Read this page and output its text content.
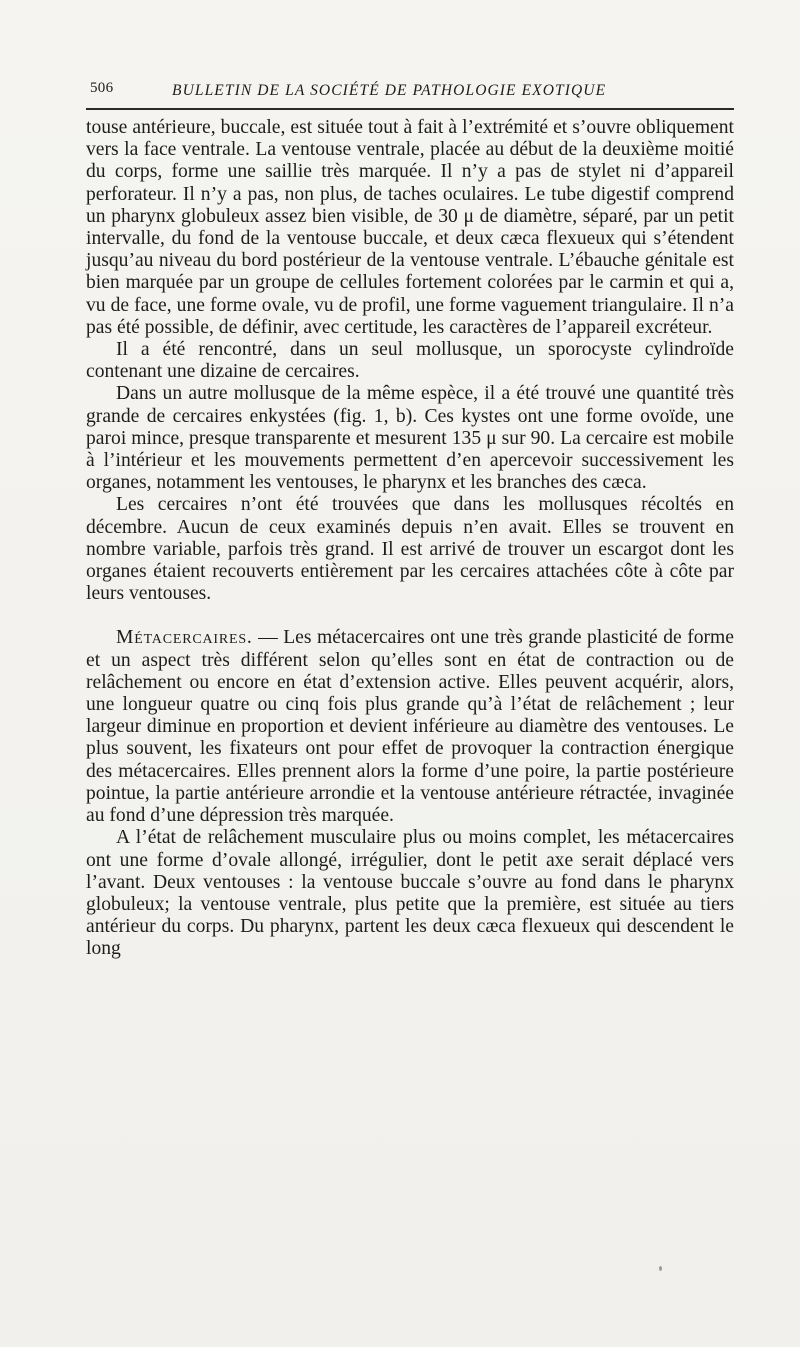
506	BULLETIN DE LA SOCIÉTÉ DE PATHOLOGIE EXOTIQUE

touse antérieure, buccale, est située tout à fait à l’extrémité et s’ouvre obliquement vers la face ventrale. La ventouse ventrale, placée au début de la deuxième moitié du corps, forme une saillie très marquée. Il n’y a pas de stylet ni d’appareil perforateur. Il n’y a pas, non plus, de taches oculaires. Le tube digestif comprend un pharynx globuleux assez bien visible, de 30 μ de diamètre, séparé, par un petit intervalle, du fond de la ventouse buccale, et deux cæca flexueux qui s’étendent jusqu’au niveau du bord postérieur de la ventouse ventrale. L’ébauche génitale est bien marquée par un groupe de cellules fortement colorées par le carmin et qui a, vu de face, une forme ovale, vu de profil, une forme vaguement triangulaire. Il n’a pas été possible, de définir, avec certitude, les caractères de l’appareil excréteur.

Il a été rencontré, dans un seul mollusque, un sporocyste cylindroïde contenant une dizaine de cercaires.

Dans un autre mollusque de la même espèce, il a été trouvé une quantité très grande de cercaires enkystées (fig. 1, b). Ces kystes ont une forme ovoïde, une paroi mince, presque transparente et mesurent 135 μ sur 90. La cercaire est mobile à l’intérieur et les mouvements permettent d’en apercevoir successivement les organes, notamment les ventouses, le pharynx et les branches des cæca.

Les cercaires n’ont été trouvées que dans les mollusques récoltés en décembre. Aucun de ceux examinés depuis n’en avait. Elles se trouvent en nombre variable, parfois très grand. Il est arrivé de trouver un escargot dont les organes étaient recouverts entièrement par les cercaires attachées côte à côte par leurs ventouses.

Métacercaires. — Les métacercaires ont une très grande plasticité de forme et un aspect très différent selon qu’elles sont en état de contraction ou de relâchement ou encore en état d’extension active. Elles peuvent acquérir, alors, une longueur quatre ou cinq fois plus grande qu’à l’état de relâchement ; leur largeur diminue en proportion et devient inférieure au diamètre des ventouses. Le plus souvent, les fixateurs ont pour effet de provoquer la contraction énergique des métacercaires. Elles prennent alors la forme d’une poire, la partie postérieure pointue, la partie antérieure arrondie et la ventouse antérieure rétractée, invaginée au fond d’une dépression très marquée.

A l’état de relâchement musculaire plus ou moins complet, les métacercaires ont une forme d’ovale allongé, irrégulier, dont le petit axe serait déplacé vers l’avant. Deux ventouses : la ventouse buccale s’ouvre au fond dans le pharynx globuleux; la ventouse ventrale, plus petite que la première, est située au tiers antérieur du corps. Du pharynx, partent les deux cæca flexueux qui descendent le long
